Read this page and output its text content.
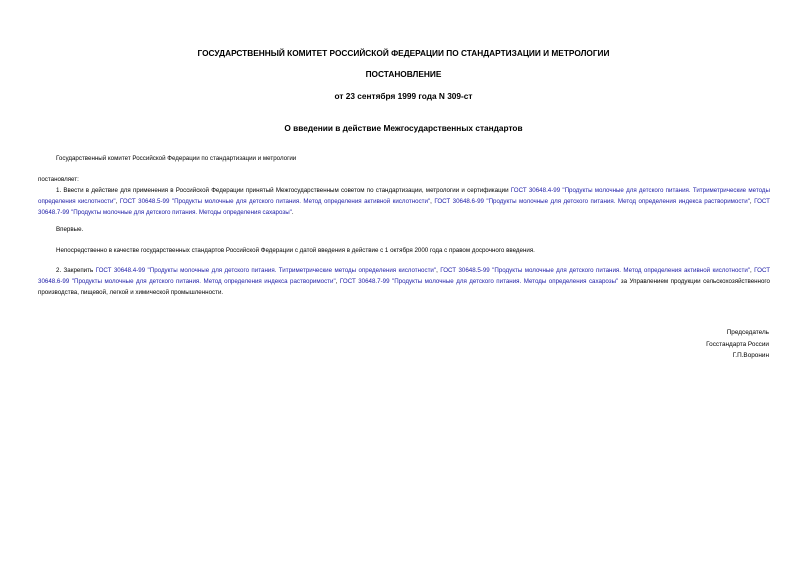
ГОСУДАРСТВЕННЫЙ КОМИТЕТ РОССИЙСКОЙ ФЕДЕРАЦИИ ПО СТАНДАРТИЗАЦИИ И МЕТРОЛОГИИ

ПОСТАНОВЛЕНИЕ

от 23 сентября 1999 года N 309-ст

О введении в действие Межгосударственных стандартов

Государственный комитет Российской Федерации по стандартизации и метрологии

постановляет:

1. Ввести в действие для применения в Российской Федерации принятый Межгосударственным советом по стандартизации, метрологии и сертификации ГОСТ 30648.4-99 "Продукты молочные для детского питания. Титриметрические методы определения кислотности", ГОСТ 30648.5-99 "Продукты молочные для детского питания. Метод определения активной кислотности", ГОСТ 30648.6-99 "Продукты молочные для детского питания. Метод определения индекса растворимости", ГОСТ 30648.7-99 "Продукты молочные для детского питания. Методы определения сахарозы".

Впервые.

Непосредственно в качестве государственных стандартов Российской Федерации с датой введения в действие с 1 октября 2000 года с правом досрочного введения.

2. Закрепить ГОСТ 30648.4-99 "Продукты молочные для детского питания. Титриметрические методы определения кислотности", ГОСТ 30648.5-99 "Продукты молочные для детского питания. Метод определения активной кислотности", ГОСТ 30648.6-99 "Продукты молочные для детского питания. Метод определения индекса растворимости", ГОСТ 30648.7-99 "Продукты молочные для детского питания. Методы определения сахарозы" за Управлением продукции сельскохозяйственного производства, пищевой, легкой и химической промышленности.

Председатель
Госстандарта России
Г.П.Воронин
